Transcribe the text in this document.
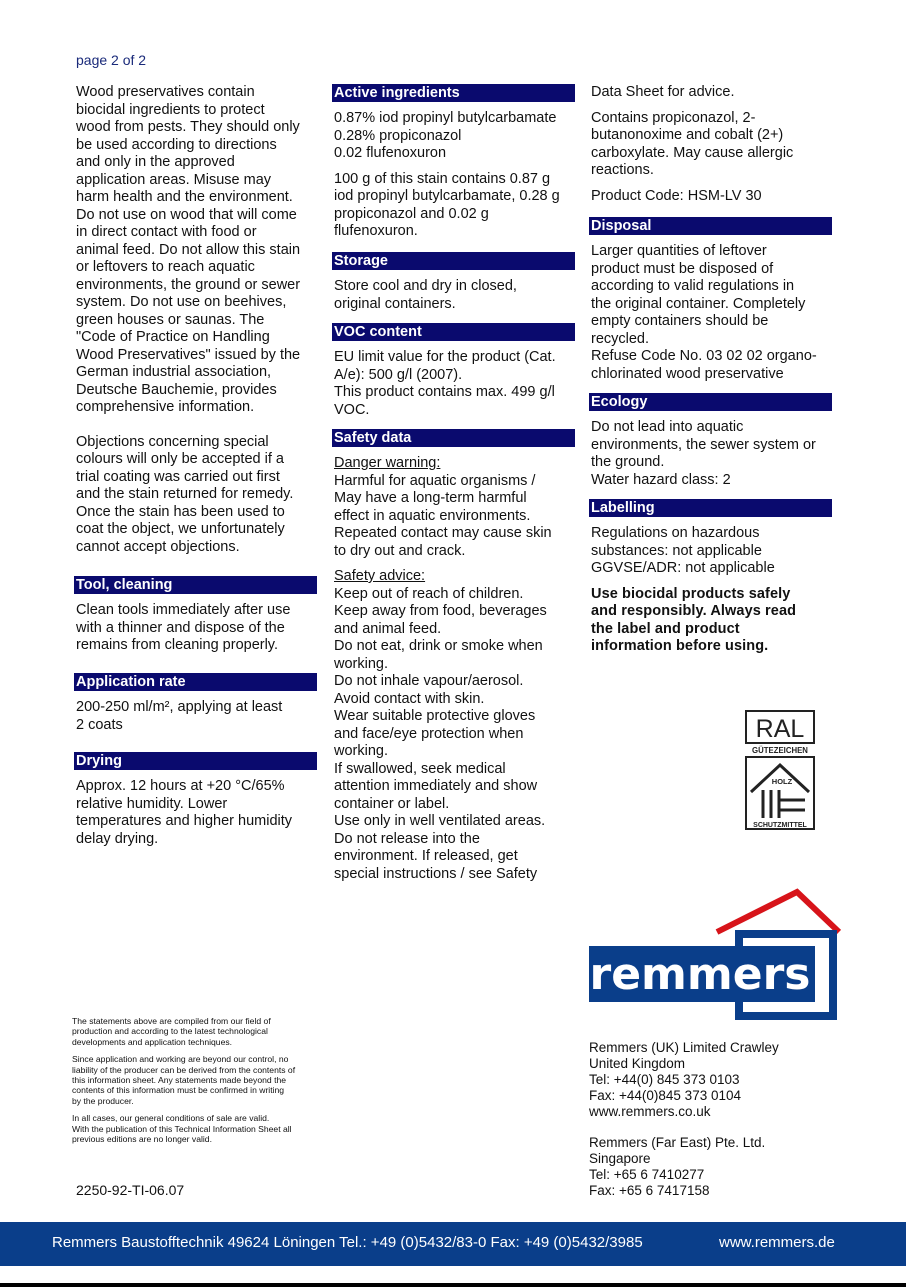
page 2 of 2
Wood preservatives contain
biocidal ingredients to protect
wood from pests. They should only
be used according to directions
and only in the approved
application areas. Misuse may
harm health and the environment.
Do not use on wood that will come
in direct contact with food or
animal feed. Do not allow this stain
or leftovers to reach aquatic
environments, the ground or sewer
system. Do not use on beehives,
green houses or saunas. The
"Code of Practice on Handling
Wood Preservatives" issued by the
German industrial association,
Deutsche Bauchemie, provides
comprehensive information.
Objections concerning special
colours will only be accepted if a
trial coating was carried out first
and the stain returned for remedy.
Once the stain has been used to
coat the object, we unfortunately
cannot accept objections.
Tool, cleaning
Clean tools immediately after use
with a thinner and dispose of the
remains from cleaning properly.
Application rate
200-250 ml/m², applying at least
2 coats
Drying
Approx. 12 hours at +20 °C/65%
relative humidity. Lower
temperatures and higher humidity
delay drying.
Active ingredients
0.87% iod propinyl butylcarbamate
0.28% propiconazol
0.02 flufenoxuron
100 g of this stain contains 0.87 g
iod propinyl butylcarbamate, 0.28 g
propiconazol and 0.02 g
flufenoxuron.
Storage
Store cool and dry in closed,
original containers.
VOC content
EU limit value for the product (Cat.
A/e): 500 g/l (2007).
This product contains max. 499 g/l
VOC.
Safety data
Danger warning:
Harmful for aquatic organisms /
May have a long-term harmful
effect in aquatic environments.
Repeated contact may cause skin
to dry out and crack.
Safety advice:
Keep out of reach of children.
Keep away from food, beverages
and animal feed.
Do not eat, drink or smoke when
working.
Do not inhale vapour/aerosol.
Avoid contact with skin.
Wear suitable protective gloves
and face/eye protection when
working.
If swallowed, seek medical
attention immediately and show
container or label.
Use only in well ventilated areas.
Do not release into the
environment. If released, get
special instructions / see Safety
Data Sheet for advice.
Contains propiconazol, 2-
butanonoxime and cobalt (2+)
carboxylate. May cause allergic
reactions.
Product Code: HSM-LV 30
Disposal
Larger quantities of leftover
product must be disposed of
according to valid regulations in
the original container. Completely
empty containers should be
recycled.
Refuse Code No. 03 02 02 organo-
chlorinated wood preservative
Ecology
Do not lead into aquatic
environments, the sewer system or
the ground.
Water hazard class: 2
Labelling
Regulations on hazardous
substances: not applicable
GGVSE/ADR: not applicable
Use biocidal products safely
and responsibly. Always read
the label and product
information before using.
RAL
GÜTEZEICHEN
HOLZ
SCHUTZMITTEL
remmers

The statements above are compiled from our field of
production and according to the latest technological
developments and application techniques.

Since application and working are beyond our control, no
liability of the producer can be derived from the contents of
this information sheet. Any statements made beyond the
contents of this information must be confirmed in writing
by the producer.

In all cases, our general conditions of sale are valid.
With the publication of this Technical Information Sheet all
previous editions are no longer valid.

2250-92-TI-06.07
Remmers (UK) Limited Crawley
United Kingdom
Tel: +44(0) 845 373 0103
Fax: +44(0)845 373 0104
www.remmers.co.uk
Remmers (Far East) Pte. Ltd.
Singapore
Tel: +65 6 7410277
Fax: +65 6 7417158
Remmers Baustofftechnik 49624 Löningen Tel.: +49 (0)5432/83-0 Fax: +49 (0)5432/3985	www.remmers.de
